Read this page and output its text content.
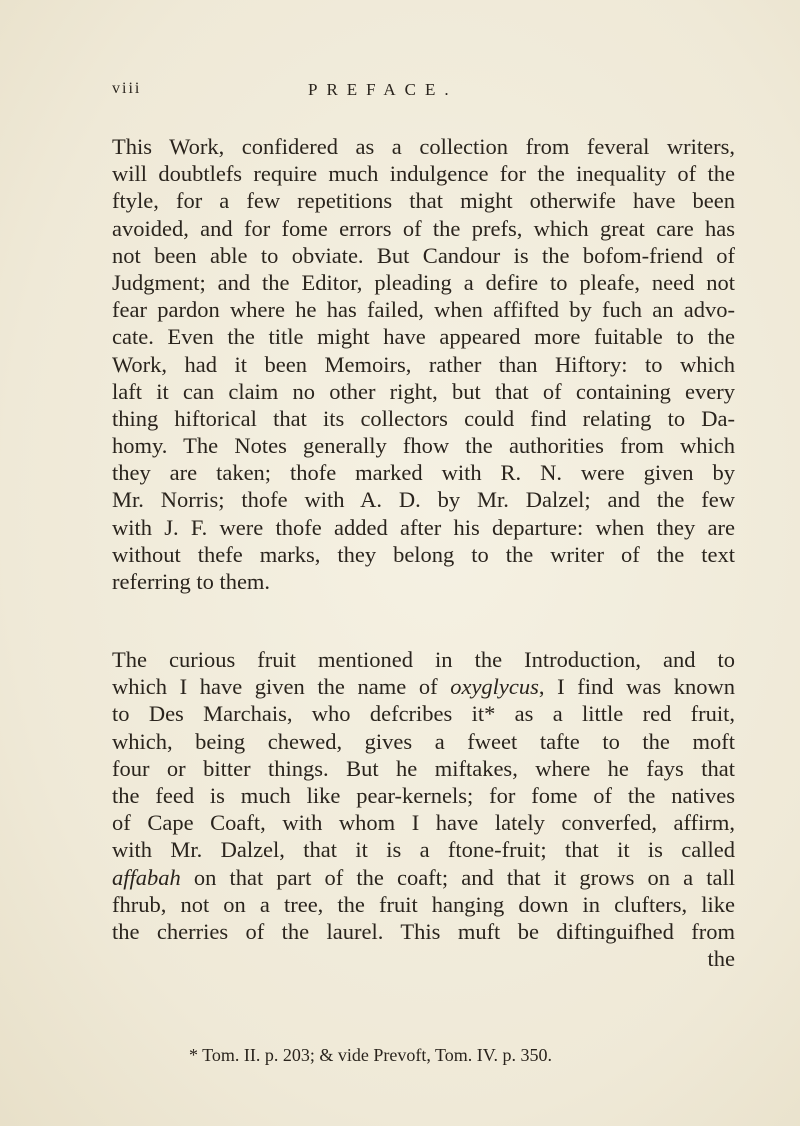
viii	PREFACE.
This Work, confidered as a collection from feveral writers,
will doubtlefs require much indulgence for the inequality of the
ftyle, for a few repetitions that might otherwife have been
avoided, and for fome errors of the prefs, which great care has
not been able to obviate. But Candour is the bofom-friend of
Judgment; and the Editor, pleading a defire to pleafe, need not
fear pardon where he has failed, when affifted by fuch an advo-
cate. Even the title might have appeared more fuitable to the
Work, had it been Memoirs, rather than Hiftory: to which
laft it can claim no other right, but that of containing every
thing hiftorical that its collectors could find relating to Da-
homy. The Notes generally fhow the authorities from which
they are taken; thofe marked with R. N. were given by
Mr. Norris; thofe with A. D. by Mr. Dalzel; and the few
with J. F. were thofe added after his departure: when they are
without thefe marks, they belong to the writer of the text
referring to them.
The curious fruit mentioned in the Introduction, and to
which I have given the name of oxyglycus, I find was known
to Des Marchais, who defcribes it* as a little red fruit,
which, being chewed, gives a fweet tafte to the moft
four or bitter things. But he miftakes, where he fays that
the feed is much like pear-kernels; for fome of the natives
of Cape Coaft, with whom I have lately converfed, affirm,
with Mr. Dalzel, that it is a ftone-fruit; that it is called
affabah on that part of the coaft; and that it grows on a tall
fhrub, not on a tree, the fruit hanging down in clufters, like
the cherries of the laurel. This muft be diftinguifhed from
the
* Tom. II. p. 203; & vide Prevoft, Tom. IV. p. 350.
